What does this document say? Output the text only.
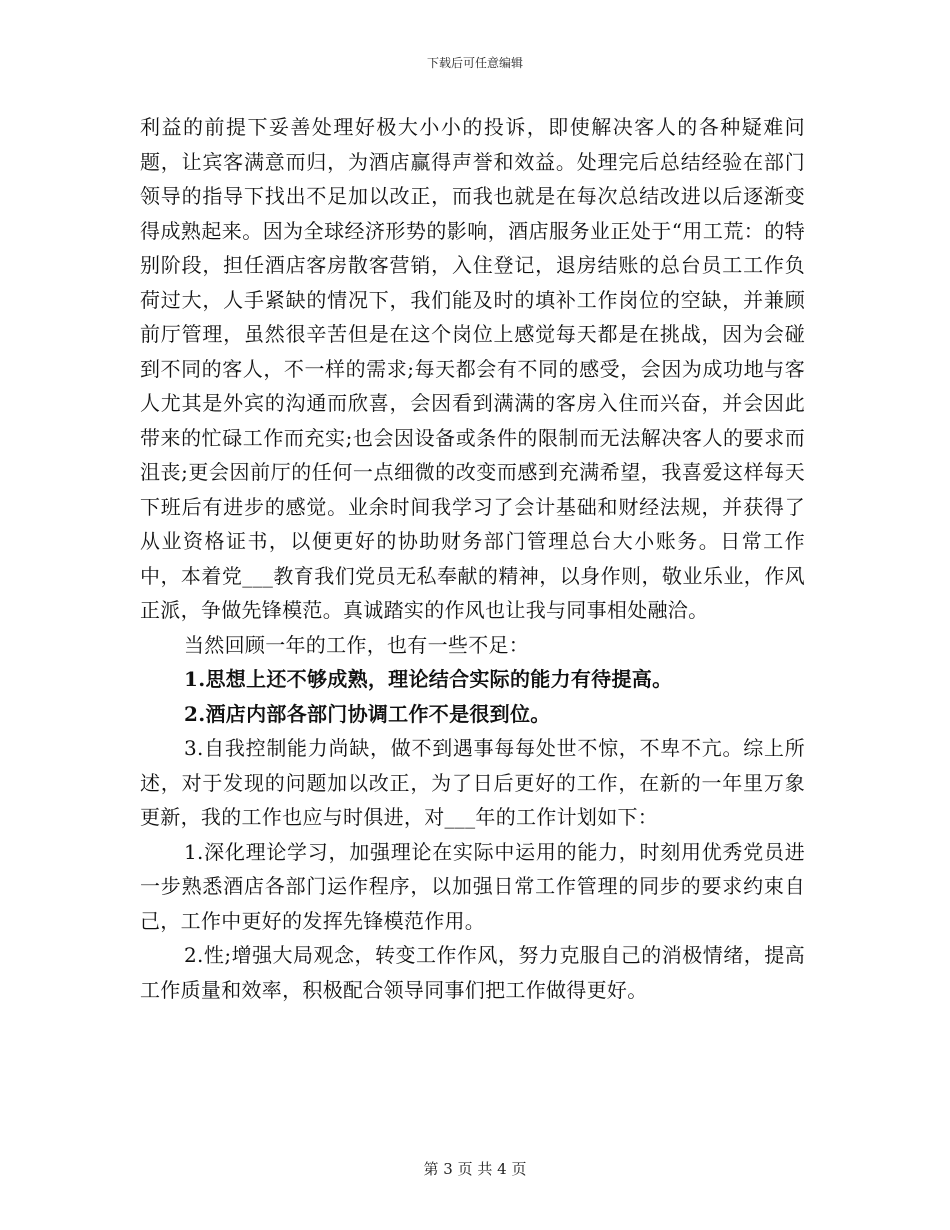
下载后可任意编辑

利益的前提下妥善处理好极大小小的投诉，即使解决客人的各种疑难问题，让宾客满意而归，为酒店赢得声誉和效益。处理完后总结经验在部门领导的指导下找出不足加以改正，而我也就是在每次总结改进以后逐渐变得成熟起来。因为全球经济形势的影响，酒店服务业正处于“用工荒：的特别阶段，担任酒店客房散客营销，入住登记，退房结账的总台员工工作负荷过大，人手紧缺的情况下，我们能及时的填补工作岗位的空缺，并兼顾前厅管理，虽然很辛苦但是在这个岗位上感觉每天都是在挑战，因为会碰到不同的客人，不一样的需求;每天都会有不同的感受，会因为成功地与客人尤其是外宾的沟通而欣喜，会因看到满满的客房入住而兴奋，并会因此带来的忙碌工作而充实;也会因设备或条件的限制而无法解决客人的要求而沮丧;更会因前厅的任何一点细微的改变而感到充满希望，我喜爱这样每天下班后有进步的感觉。业余时间我学习了会计基础和财经法规，并获得了从业资格证书，以便更好的协助财务部门管理总台大小账务。日常工作中，本着党___教育我们党员无私奉献的精神，以身作则，敬业乐业，作风正派，争做先锋模范。真诚踏实的作风也让我与同事相处融洽。

当然回顾一年的工作，也有一些不足：

1.思想上还不够成熟，理论结合实际的能力有待提高。

2.酒店内部各部门协调工作不是很到位。

3.自我控制能力尚缺，做不到遇事每每处世不惊，不卑不亢。综上所述，对于发现的问题加以改正，为了日后更好的工作，在新的一年里万象更新，我的工作也应与时俱进，对___年的工作计划如下：

1.深化理论学习，加强理论在实际中运用的能力，时刻用优秀党员进一步熟悉酒店各部门运作程序，以加强日常工作管理的同步的要求约束自己，工作中更好的发挥先锋模范作用。

2.性;增强大局观念，转变工作作风，努力克服自己的消极情绪，提高工作质量和效率，积极配合领导同事们把工作做得更好。

第 3 页 共 4 页
